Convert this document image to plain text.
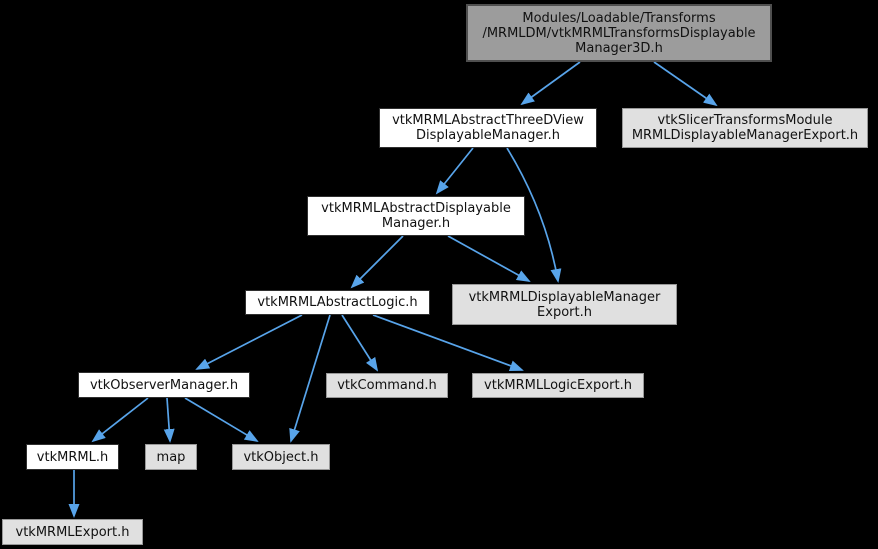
Modules/Loadable/Transforms
/MRMLDM/vtkMRMLTransformsDisplayable
Manager3D.h
vtkMRMLAbstractThreeDView
DisplayableManager.h
vtkSlicerTransformsModule
MRMLDisplayableManagerExport.h
vtkMRMLAbstractDisplayable
Manager.h
vtkMRMLAbstractLogic.h	vtkMRMLDisplayableManager
Export.h
vtkObserverManager.h	vtkCommand.h	vtkMRMLLogicExport.h
vtkMRML.h	map	vtkObject.h
vtkMRMLExport.h
